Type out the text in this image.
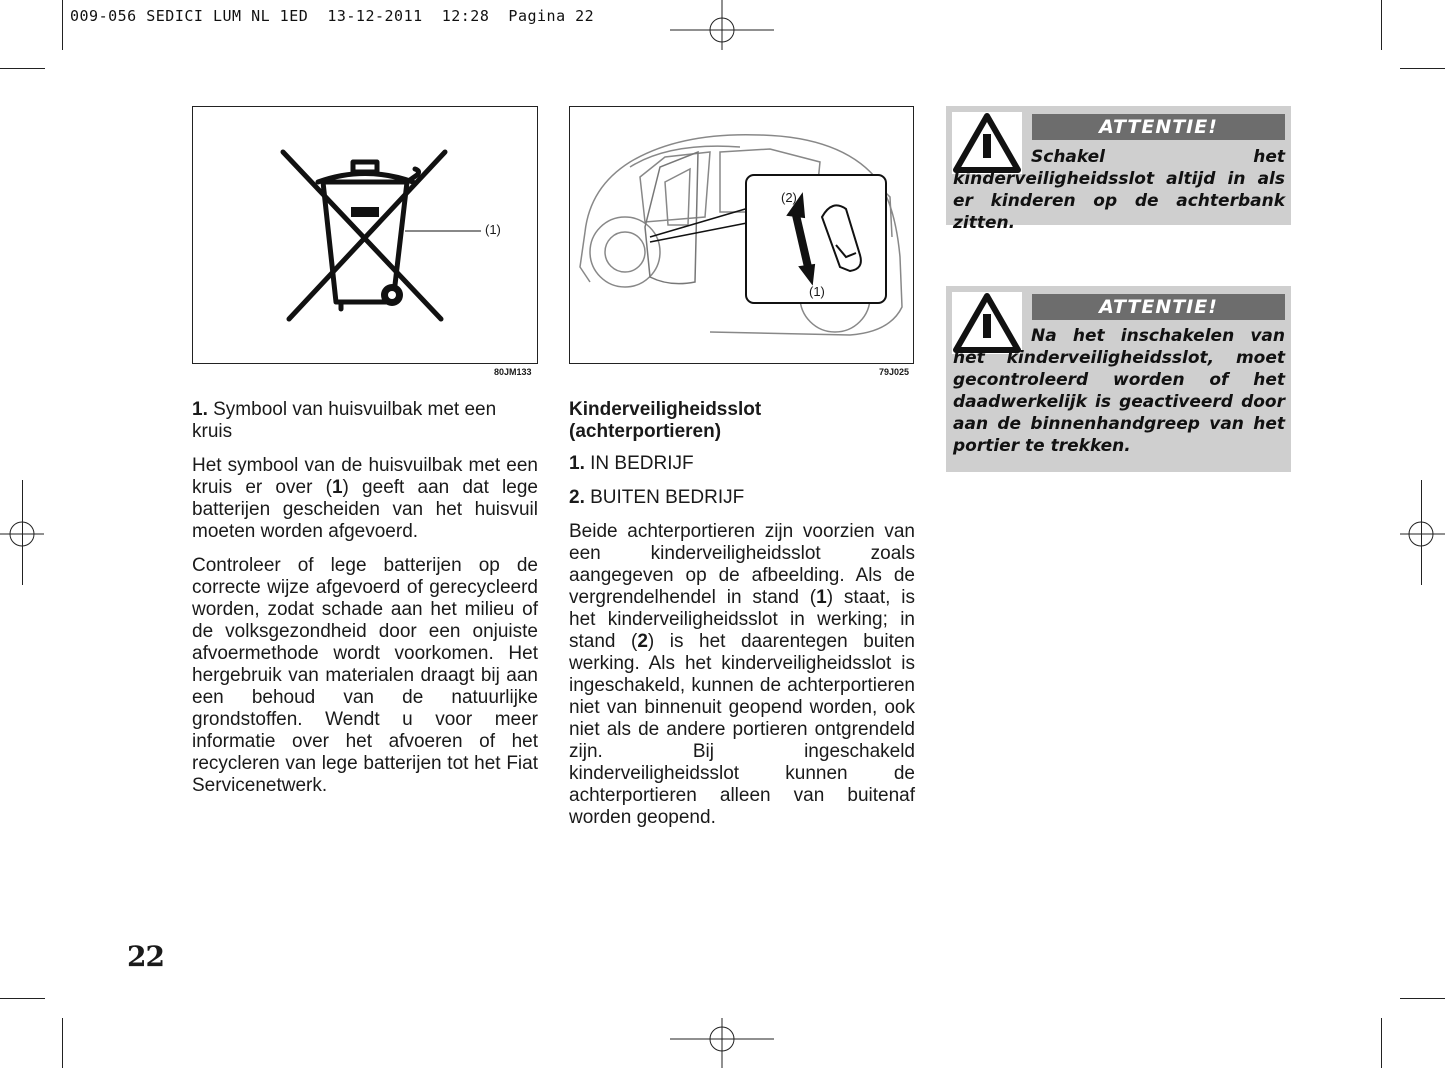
009-056 SEDICI LUM NL 1ED  13-12-2011  12:28  Pagina 22
(1)
80JM133
(2)
(1)
79J025

1. Symbool van huisvuilbak met een kruis

Het symbool van de huisvuilbak met een kruis er over (1) geeft aan dat lege batterijen gescheiden van het huisvuil moeten worden afgevoerd.

Controleer of lege batterijen op de correcte wijze afgevoerd of gerecycleerd worden, zodat schade aan het milieu of de volksgezondheid door een onjuiste afvoermethode wordt voorkomen. Het hergebruik van materialen draagt bij aan een behoud van de natuurlijke grondstoffen. Wendt u voor meer informatie over het afvoeren of het recycleren van lege batterijen tot het Fiat Servicenetwerk.

Kinderveiligheidsslot
(achterportieren)

1. IN BEDRIJF

2. BUITEN BEDRIJF

Beide achterportieren zijn voorzien van een kinderveiligheidsslot zoals aangegeven op de afbeelding. Als de vergrendelhendel in stand (1) staat, is het kinderveiligheidsslot in werking; in stand (2) is het daarentegen buiten werking. Als het kinderveiligheidsslot is ingeschakeld, kunnen de achterportieren niet van binnenuit geopend worden, ook niet als de andere portieren ontgrendeld zijn. Bij ingeschakeld kinderveiligheidsslot kunnen de achterportieren alleen van buitenaf worden geopend.

ATTENTIE!
Schakel het kinderveiligheidsslot altijd in als er kinderen op de achterbank zitten.
ATTENTIE!
Na het inschakelen van het kinderveiligheidsslot, moet gecontroleerd worden of het daadwerkelijk is geactiveerd door aan de binnenhandgreep van het portier te trekken.
22
